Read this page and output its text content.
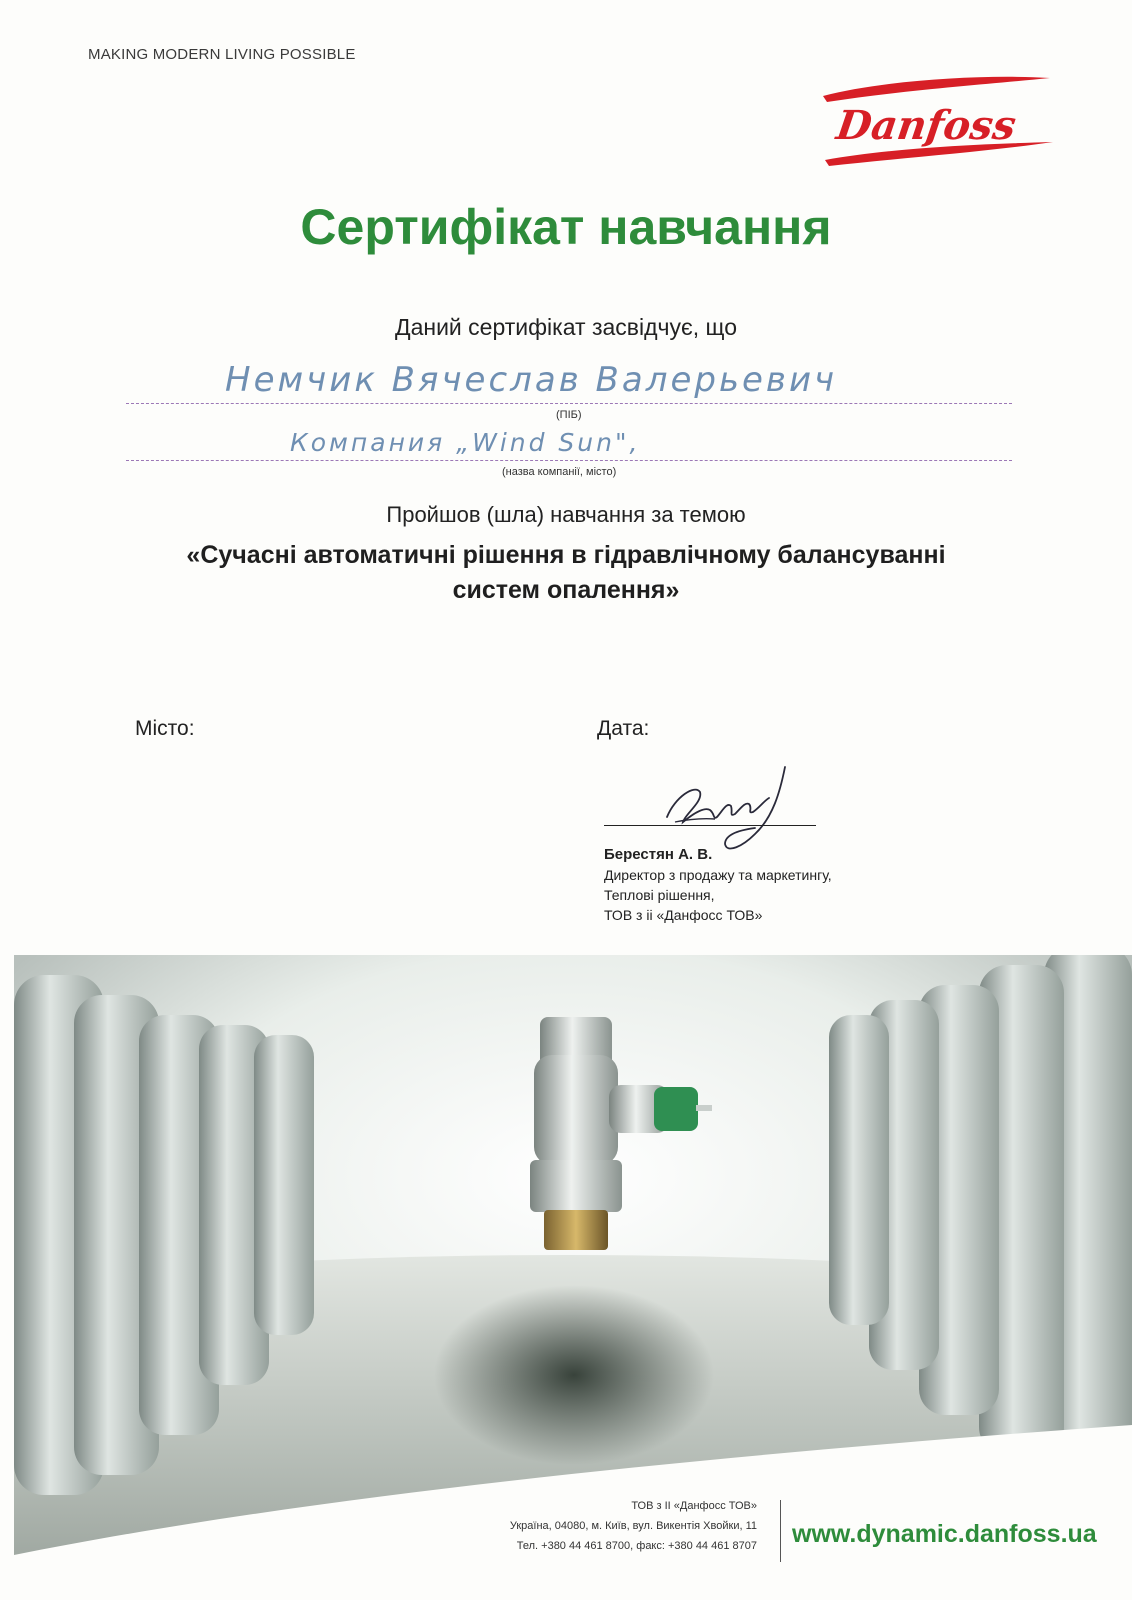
MAKING MODERN LIVING POSSIBLE
Danfoss
Сертифікат навчання
Даний сертифікат засвідчує, що
Немчик Вячеслав Валерьевич
(ПІБ)
Компания „Wind Sun",
(назва компанії, місто)
Пройшов (шла) навчання за темою
«Сучасні автоматичні рішення в гідравлічному балансуванні
систем опалення»
Місто:	Дата:
Берестян А. В.
Директор з продажу та маркетингу,
Теплові рішення,
ТОВ з іі «Данфосс ТОВ»
ТОВ з ІІ «Данфосс ТОВ»
Україна, 04080, м. Київ, вул. Викентія Хвойки, 11
Тел. +380 44 461 8700, факс: +380 44 461 8707 www.dynamic.danfoss.ua
